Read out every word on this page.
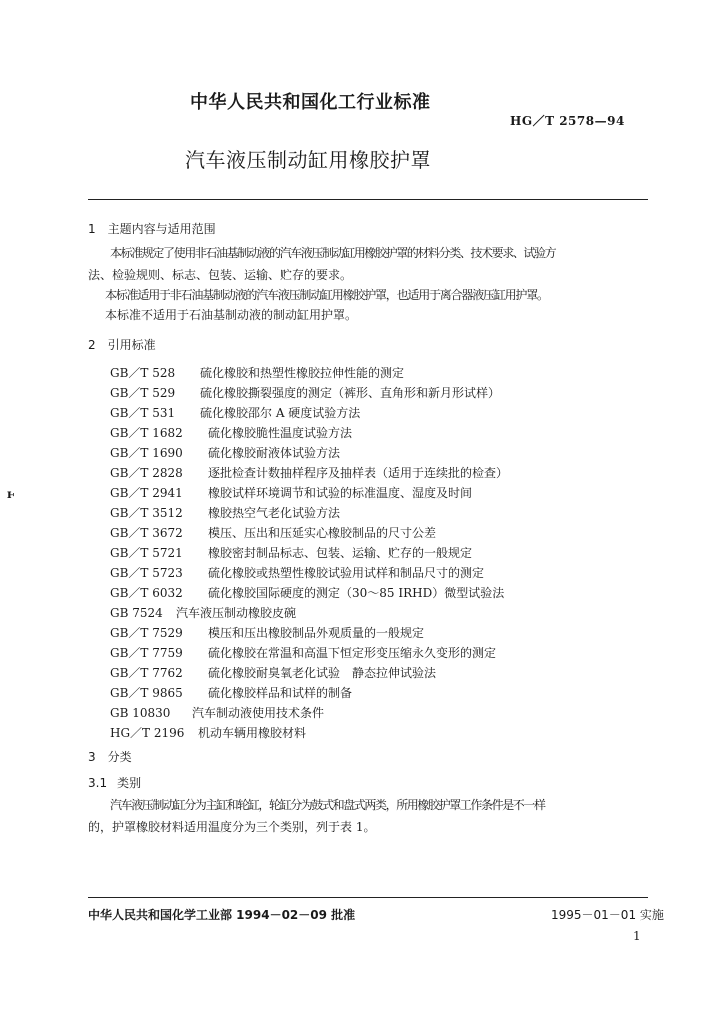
中华人民共和国化工行业标准
HG／T 2578—94
汽车液压制动缸用橡胶护罩
1 主题内容与适用范围
本标准规定了使用非石油基制动液的汽车液压制动缸用橡胶护罩的材料分类、技术要求、试验方
法、检验规则、标志、包装、运输、贮存的要求。
本标准适用于非石油基制动液的汽车液压制动缸用橡胶护罩，也适用于离合器液压缸用护罩。
本标准不适用于石油基制动液的制动缸用护罩。
2 引用标准
GB／T 528 硫化橡胶和热塑性橡胶拉伸性能的测定
GB／T 529 硫化橡胶撕裂强度的测定（裤形、直角形和新月形试样）
GB／T 531 硫化橡胶邵尔 A 硬度试验方法
GB／T 1682 硫化橡胶脆性温度试验方法
GB／T 1690 硫化橡胶耐液体试验方法
GB／T 2828 逐批检查计数抽样程序及抽样表（适用于连续批的检查）
GB／T 2941 橡胶试样环境调节和试验的标准温度、湿度及时间
GB／T 3512 橡胶热空气老化试验方法
GB／T 3672 模压、压出和压延实心橡胶制品的尺寸公差
GB／T 5721 橡胶密封制品标志、包装、运输、贮存的一般规定
GB／T 5723 硫化橡胶或热塑性橡胶试验用试样和制品尺寸的测定
GB／T 6032 硫化橡胶国际硬度的测定（30～85 IRHD）微型试验法
GB 7524 汽车液压制动橡胶皮碗
GB／T 7529 模压和压出橡胶制品外观质量的一般规定
GB／T 7759 硫化橡胶在常温和高温下恒定形变压缩永久变形的测定
GB／T 7762 硫化橡胶耐臭氧老化试验　静态拉伸试验法
GB／T 9865 硫化橡胶样品和试样的制备
GB 10830 汽车制动液使用技术条件
HG／T 2196 机动车辆用橡胶材料
ⱶ
3 分类
3.1 类别
汽车液压制动缸分为主缸和轮缸，轮缸分为鼓式和盘式两类，所用橡胶护罩工作条件是不一样
的，护罩橡胶材料适用温度分为三个类别，列于表 1。
中华人民共和国化学工业部 1994－02－09 批准	1995－01－01 实施
1
